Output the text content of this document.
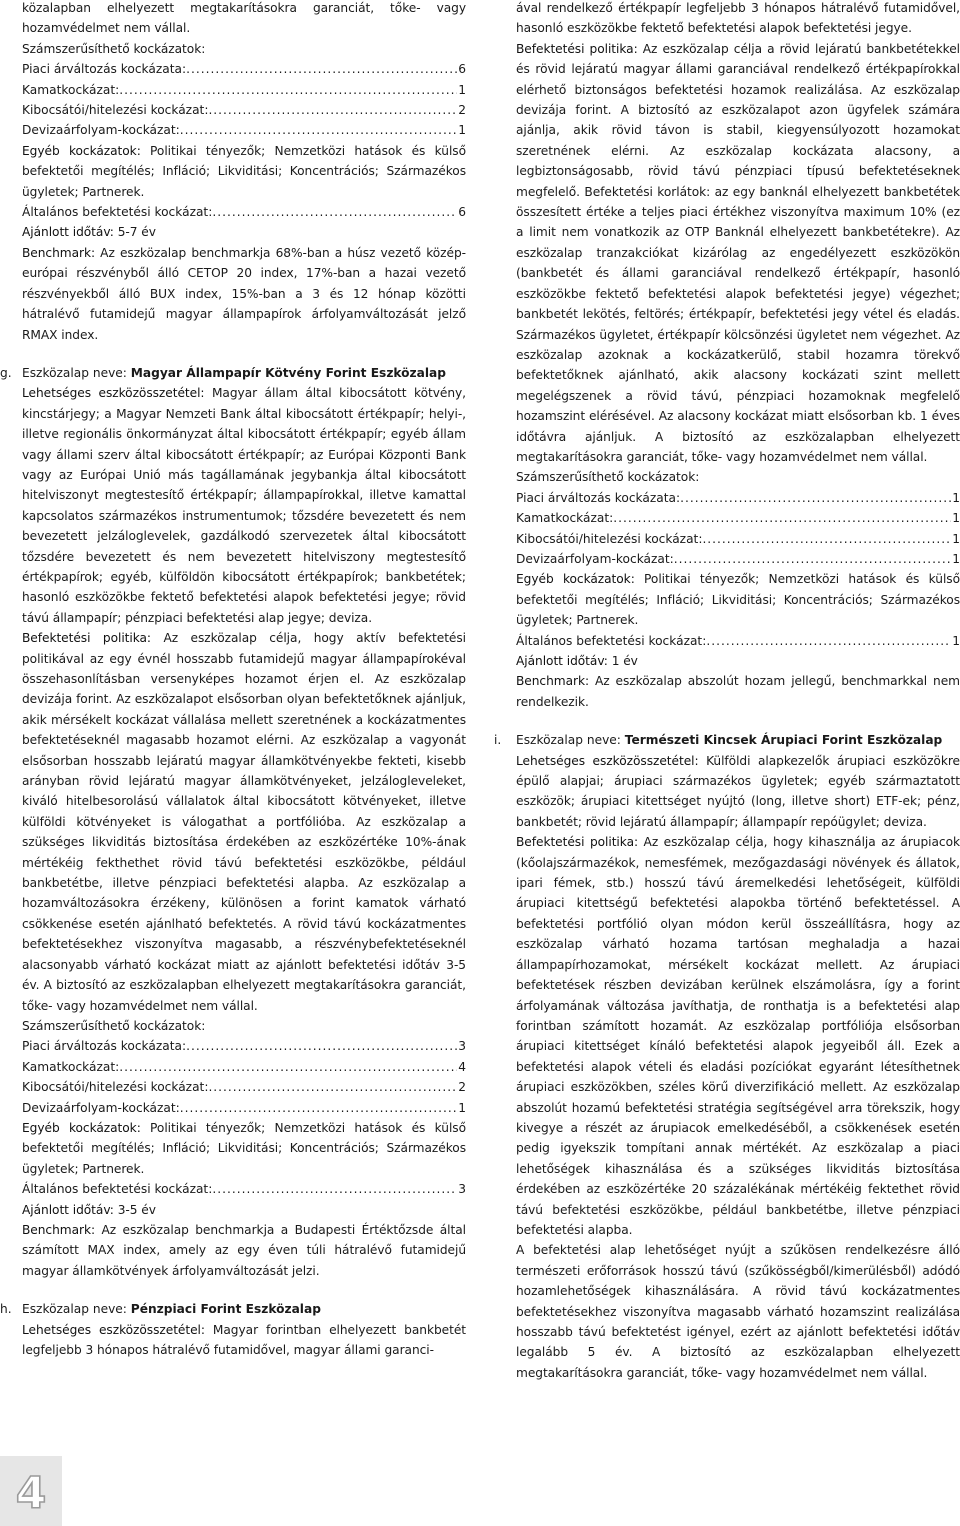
közalapban elhelyezett megtakarításokra garanciát, tőke- vagy hozamvédelmet nem vállal.

Számszerűsíthető kockázatok:

Piaci árváltozás kockázata: .....	6
Kamatkockázat: .....	1
Kibocsátói/hitelezési kockázat: .....	2
Devizaárfolyam-kockázat: .....	1

Egyéb kockázatok: Politikai tényezők; Nemzetközi hatások és külső befektetői megítélés; Infláció; Likviditási; Koncentrációs; Származékos ügyletek; Partnerek.

Általános befektetési kockázat: .....	6

Ajánlott időtáv: 5-7 év

Benchmark: Az eszközalap benchmarkja 68%-ban a húsz vezető közép-európai részvényből álló CETOP 20 index, 17%-ban a hazai vezető részvényekből álló BUX index, 15%-ban a 3 és 12 hónap közötti hátralévő futamidejű magyar állampapírok árfolyamváltozását jelző RMAX index.

g. Eszközalap neve: Magyar Állampapír Kötvény Forint Eszközalap

Lehetséges eszközösszetétel: Magyar állam által kibocsátott kötvény, kincstárjegy; a Magyar Nemzeti Bank által kibocsátott értékpapír; helyi-, illetve regionális önkormányzat által kibocsátott értékpapír; egyéb állam vagy állami szerv által kibocsátott értékpapír; az Európai Központi Bank vagy az Európai Unió más tagállamának jegybankja által kibocsátott hitelviszonyt megtestesítő értékpapír; állampapírokkal, illetve kamattal kapcsolatos származékos instrumentumok; tőzsdére bevezetett és nem bevezetett jelzáloglevelek, gazdálkodó szervezetek által kibocsátott tőzsdére bevezetett és nem bevezetett hitelviszony megtestesítő értékpapírok; egyéb, külföldön kibocsátott értékpapírok; bankbetétek; hasonló eszközökbe fektető befektetési alapok befektetési jegye; rövid távú állampapír; pénzpiaci befektetési alap jegye; deviza.

Befektetési politika: Az eszközalap célja, hogy aktív befektetési politikával az egy évnél hosszabb futamidejű magyar állampapírokéval összehasonlításban versenyképes hozamot érjen el. Az eszközalap devizája forint. Az eszközalapot elsősorban olyan befektetőknek ajánljuk, akik mérsékelt kockázat vállalása mellett szeretnének a kockázatmentes befektetéseknél magasabb hozamot elérni. Az eszközalap a vagyonát elsősorban hosszabb lejáratú magyar államkötvényekbe fekteti, kisebb arányban rövid lejáratú magyar államkötvényeket, jelzálogleveleket, kiváló hitelbesorolású vállalatok által kibocsátott kötvényeket, illetve külföldi kötvényeket is válogathat a portfólióba. Az eszközalap a szükséges likviditás biztosítása érdekében az eszközértéke 10%-ának mértékéig fekthethet rövid távú befektetési eszközökbe, például bankbetétbe, illetve pénzpiaci befektetési alapba. Az eszközalap a hozamváltozásokra érzékeny, különösen a forint kamatok várható csökkenése esetén ajánlható befektetés. A rövid távú kockázatmentes befektetésekhez viszonyítva magasabb, a részvénybefektetéseknél alacsonyabb várható kockázat miatt az ajánlott befektetési időtáv 3-5 év. A biztosító az eszközalapban elhelyezett megtakarításokra garanciát, tőke- vagy hozamvédelmet nem vállal.

Számszerűsíthető kockázatok:

Piaci árváltozás kockázata: .....	3
Kamatkockázat: .....	4
Kibocsátói/hitelezési kockázat: .....	2
Devizaárfolyam-kockázat: .....	1

Egyéb kockázatok: Politikai tényezők; Nemzetközi hatások és külső befektetői megítélés; Infláció; Likviditási; Koncentrációs; Származékos ügyletek; Partnerek.

Általános befektetési kockázat: .....	3

Ajánlott időtáv: 3-5 év

Benchmark: Az eszközalap benchmarkja a Budapesti Értéktőzsde által számított MAX index, amely az egy éven túli hátralévő futamidejű magyar államkötvények árfolyamváltozását jelzi.

h. Eszközalap neve: Pénzpiaci Forint Eszközalap

Lehetséges eszközösszetétel: Magyar forintban elhelyezett bankbetét legfeljebb 3 hónapos hátralévő futamidővel, magyar állami garanci-

ával rendelkező értékpapír legfeljebb 3 hónapos hátralévő futamidővel, hasonló eszközökbe fektető befektetési alapok befektetési jegye.

Befektetési politika: Az eszközalap célja a rövid lejáratú bankbetétekkel és rövid lejáratú magyar állami garanciával rendelkező értékpapírokkal elérhető biztonságos befektetési hozamok realizálása. Az eszközalap devizája forint. A biztosító az eszközalapot azon ügyfelek számára ajánlja, akik rövid távon is stabil, kiegyensúlyozott hozamokat szeretnének elérni. Az eszközalap kockázata alacsony, a legbiztonságosabb, rövid távú pénzpiaci típusú befektetéseknek megfelelő. Befektetési korlátok: az egy banknál elhelyezett bankbetétek összesített értéke a teljes piaci értékhez viszonyítva maximum 10% (ez a limit nem vonatkozik az OTP Banknál elhelyezett bankbetétekre). Az eszközalap tranzakciókat kizárólag az engedélyezett eszközökön (bankbetét és állami garanciával rendelkező értékpapír, hasonló eszközökbe fektető befektetési alapok befektetési jegye) végezhet; bankbetét lekötés, feltörés; értékpapír, befektetési jegy vétel és eladás. Származékos ügyletet, értékpapír kölcsönzési ügyletet nem végezhet. Az eszközalap azoknak a kockázatkerülő, stabil hozamra törekvő befektetőknek ajánlható, akik alacsony kockázati szint mellett megelégszenek a rövid távú, pénzpiaci hozamoknak megfelelő hozamszint elérésével. Az alacsony kockázat miatt elsősorban kb. 1 éves időtávra ajánljuk. A biztosító az eszközalapban elhelyezett megtakarításokra garanciát, tőke- vagy hozamvédelmet nem vállal.

Számszerűsíthető kockázatok:

Piaci árváltozás kockázata: .....	1
Kamatkockázat: .....	1
Kibocsátói/hitelezési kockázat: .....	1
Devizaárfolyam-kockázat: .....	1

Egyéb kockázatok: Politikai tényezők; Nemzetközi hatások és külső befektetői megítélés; Infláció; Likviditási; Koncentrációs; Származékos ügyletek; Partnerek.

Általános befektetési kockázat: .....	1

Ajánlott időtáv: 1 év

Benchmark: Az eszközalap abszolút hozam jellegű, benchmarkkal nem rendelkezik.

i.	Eszközalap neve: Természeti Kincsek Árupiaci Forint Eszközalap

Lehetséges eszközösszetétel: Külföldi alapkezelők árupiaci eszközökre épülő alapjai; árupiaci származékos ügyletek; egyéb származtatott eszközök; árupiaci kitettséget nyújtó (long, illetve short) ETF-ek; pénz, bankbetét; rövid lejáratú állampapír; állampapír repóügylet; deviza.

Befektetési politika: Az eszközalap célja, hogy kihasználja az árupiacok (kőolajszármazékok, nemesfémek, mezőgazdasági növények és állatok, ipari fémek, stb.) hosszú távú áremelkedési lehetőségeit, külföldi árupiaci kitettségű befektetési alapokba történő befektetéssel. A befektetési portfólió olyan módon kerül összeállításra, hogy az eszközalap várható hozama tartósan meghaladja a hazai állampapírhozamokat, mérsékelt kockázat mellett. Az árupiaci befektetések részben devizában kerülnek elszámolásra, így a forint árfolyamának változása javíthatja, de ronthatja is a befektetési alap forintban számított hozamát. Az eszközalap portfóliója elsősorban árupiaci kitettséget kínáló befektetési alapok jegyeiből áll. Ezek a befektetési alapok vételi és eladási pozíciókat egyaránt létesíthetnek árupiaci eszközökben, széles körű diverzifikáció mellett. Az eszközalap abszolút hozamú befektetési stratégia segítségével arra törekszik, hogy kivegye a részét az árupiacok emelkedéséből, a csökkenések esetén pedig igyekszik tompítani annak mértékét. Az eszközalap a piaci lehetőségek kihasználása és a szükséges likviditás biztosítása érdekében az eszközértéke 20 százalékának mértékéig fektethet rövid távú befektetési eszközökbe, például bankbetétbe, illetve pénzpiaci befektetési alapba.

A befektetési alap lehetőséget nyújt a szűkösen rendelkezésre álló természeti erőforrások hosszú távú (szűkösségből/kimerülésből) adódó hozamlehetőségek kihasználására. A rövid távú kockázatmentes befektetésekhez viszonyítva magasabb várható hozamszint realizálása hosszabb távú befektetést igényel, ezért az ajánlott befektetési időtáv legalább 5 év. A biztosító az eszközalapban elhelyezett megtakarításokra garanciát, tőke- vagy hozamvédelmet nem vállal.

4
